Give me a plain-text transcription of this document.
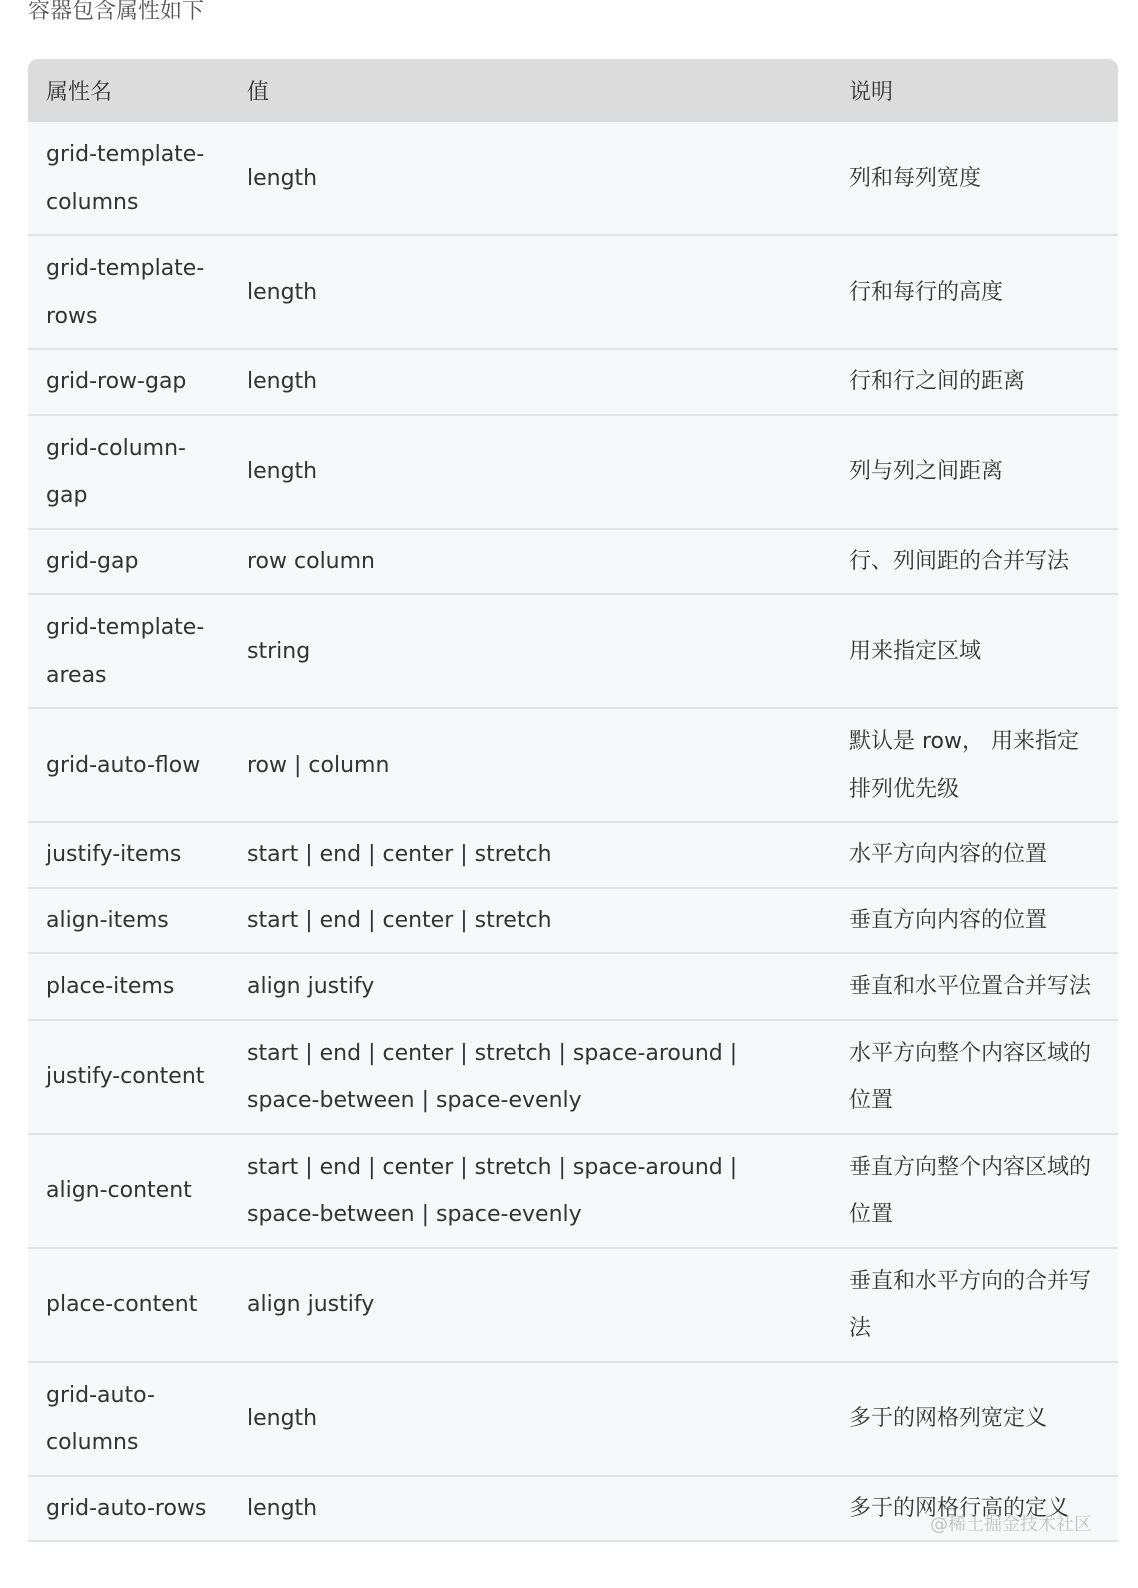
容器包含属性如下

属性名	值	说明
grid-template-columns	length	列和每列宽度
grid-template-rows	length	行和每行的高度
grid-row-gap	length	行和行之间的距离
grid-column-gap	length	列与列之间距离
grid-gap	row column	行、列间距的合并写法
grid-template-areas	string	用来指定区域
grid-auto-flow	row | column	默认是 row， 用来指定排列优先级
justify-items	start | end | center | stretch	水平方向内容的位置
align-items	start | end | center | stretch	垂直方向内容的位置
place-items	align justify	垂直和水平位置合并写法
justify-content	start | end | center | stretch | space-around | space-between | space-evenly	水平方向整个内容区域的位置
align-content	start | end | center | stretch | space-around | space-between | space-evenly	垂直方向整个内容区域的位置
place-content	align justify	垂直和水平方向的合并写法
grid-auto-columns	length	多于的网格列宽定义
grid-auto-rows	length	多于的网格行高的定义
@稀土掘金技术社区
